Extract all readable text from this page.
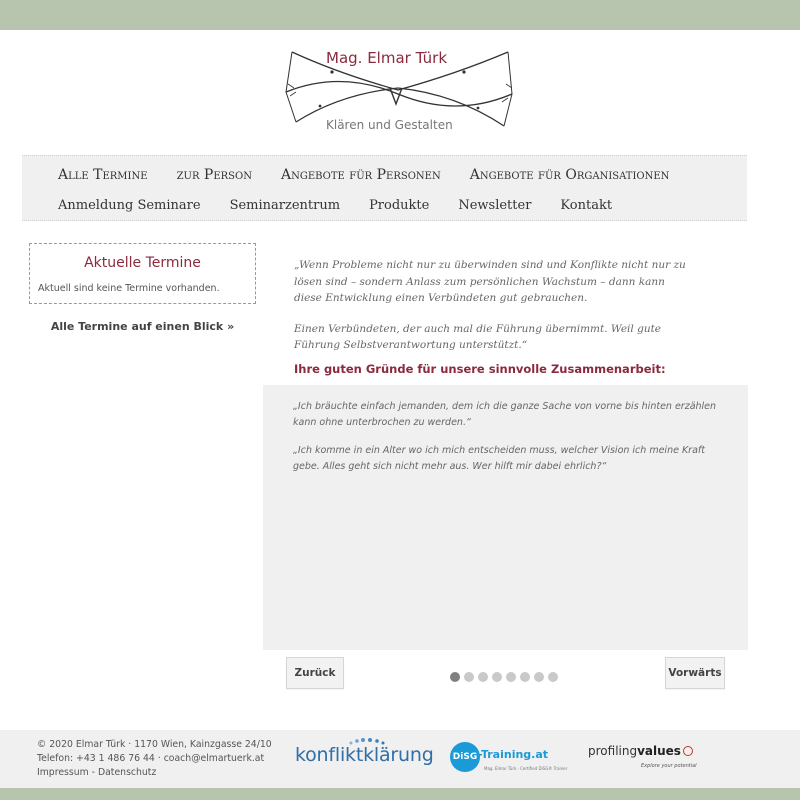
Mag. Elmar Türk
Klären und Gestalten
Alle Termine zur Person Angebote für Personen Angebote für Organisationen
Anmeldung Seminare Seminarzentrum Produkte Newsletter Kontakt
Aktuelle Termine
Aktuell sind keine Termine vorhanden.
Alle Termine auf einen Blick »

„Wenn Probleme nicht nur zu überwinden sind und Konflikte nicht nur zu lösen sind – sondern Anlass zum persönlichen Wachstum – dann kann diese Entwicklung einen Verbündeten gut gebrauchen.

Einen Verbündeten, der auch mal die Führung übernimmt. Weil gute Führung Selbstverantwortung unterstützt.“

Ihre guten Gründe für unsere sinnvolle Zusammenarbeit:

„Ich bräuchte einfach jemanden, dem ich die ganze Sache von vorne bis hinten erzählen kann ohne unterbrochen zu werden.“

„Ich komme in ein Alter wo ich mich entscheiden muss, welcher Vision ich meine Kraft gebe. Alles geht sich nicht mehr aus. Wer hilft mir dabei ehrlich?“

Zurück	Vorwärts
© 2020 Elmar Türk · 1170 Wien, Kainzgasse 24/10
Telefon: +43 1 486 76 44 · coach@elmartuerk.at
Impressum - Datenschutz
konfliktklärung	DiSG -Training.at
Mag. Elmar Türk · Certified DiSG® Trainer
profilingvalues
Explore your potential
